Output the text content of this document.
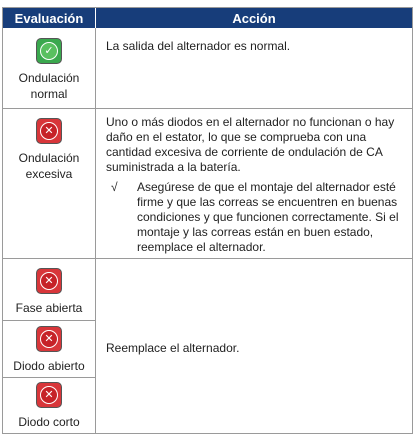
Evaluación	Acción
✓
Ondulación normal
La salida del alternador es normal.
✕
Ondulación excesiva
Uno o más diodos en el alternador no funcionan o hay daño en el estator, lo que se comprueba con una cantidad excesiva de corriente de ondulación de CA suministrada a la batería.
√ Asegúrese de que el montaje del alternador esté firme y que las correas se encuentren en buenas condiciones y que funcionen correctamente. Si el montaje y las correas están en buen estado, reemplace el alternador.
✕
Fase abierta
✕
Diodo abierto
✕
Diodo corto
Reemplace el alternador.
